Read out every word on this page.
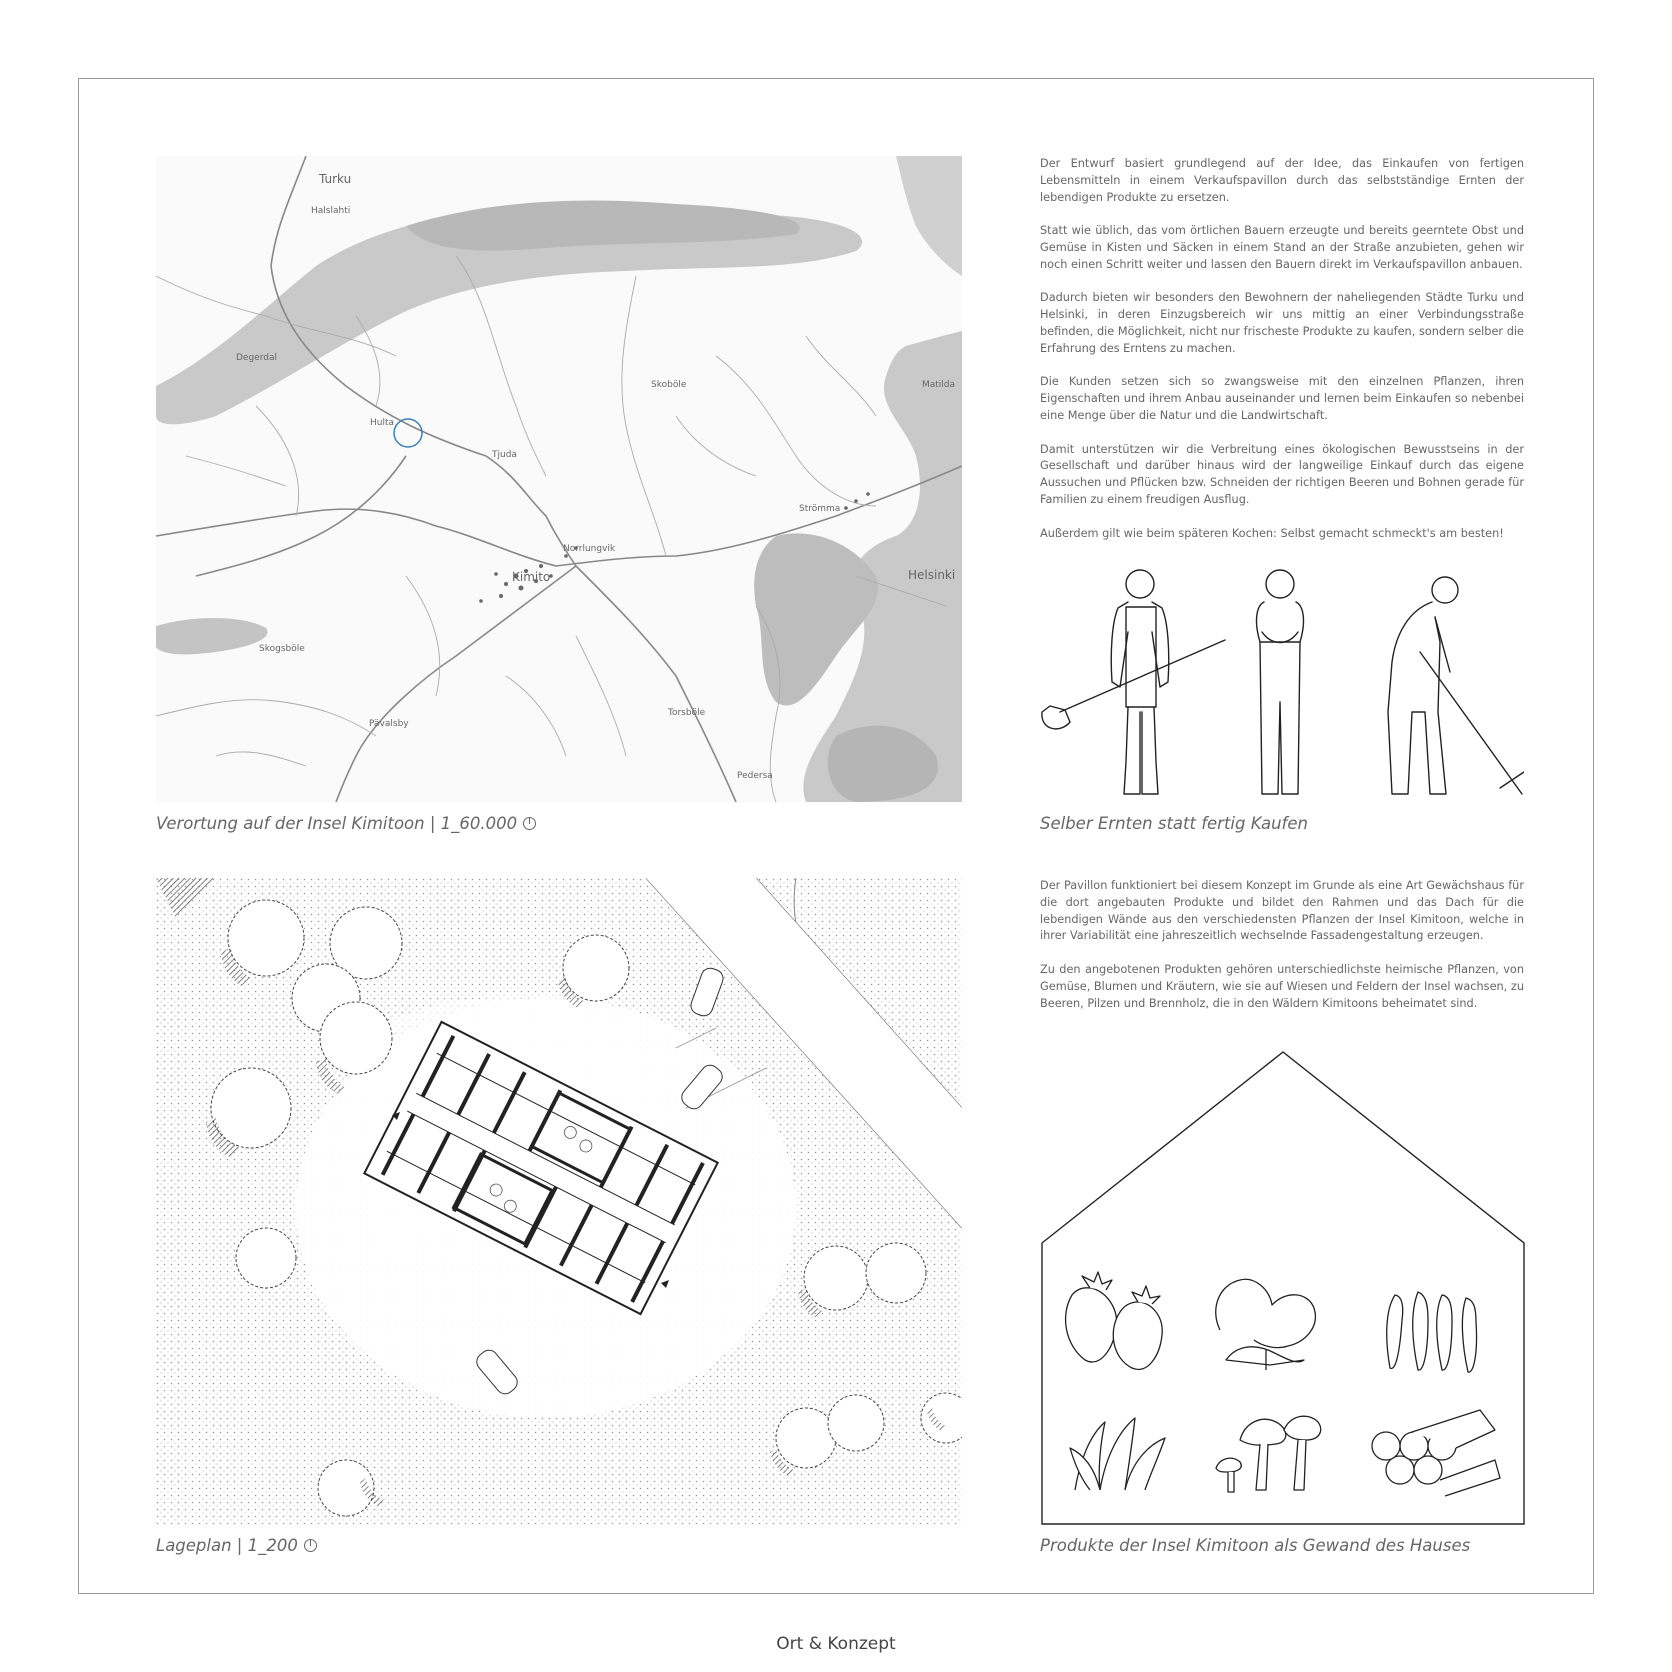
Turku
Halslahti
Degerdal
Skoböle	Matilda
Hulta
Tjuda
Strömma
Norrlungvik
Kimito	Helsinki
Skogsböle
Pävalsby
Torsböle
Pedersa
Verortung auf der Insel Kimitoon | 1_60.000
Lageplan | 1_200

Der Entwurf basiert grundlegend auf der Idee, das Einkaufen von fertigen Lebensmitteln in einem Verkaufspavillon durch das selbstständige Ernten der lebendigen Produkte zu ersetzen.

Statt wie üblich, das vom örtlichen Bauern erzeugte und bereits geerntete Obst und Gemüse in Kisten und Säcken in einem Stand an der Straße anzubieten, gehen wir noch einen Schritt weiter und lassen den Bauern direkt im Verkaufspavillon anbauen.

Dadurch bieten wir besonders den Bewohnern der naheliegenden Städte Turku und Helsinki, in deren Einzugsbereich wir uns mittig an einer Verbindungsstraße befinden, die Möglichkeit, nicht nur frischeste Produkte zu kaufen, sondern selber die Erfahrung des Erntens zu machen.

Die Kunden setzen sich so zwangsweise mit den einzelnen Pflanzen, ihren Eigenschaften und ihrem Anbau auseinander und lernen beim Einkaufen so nebenbei eine Menge über die Natur und die Landwirtschaft.

Damit unterstützen wir die Verbreitung eines ökologischen Bewusstseins in der Gesellschaft und darüber hinaus wird der langweilige Einkauf durch das eigene Aussuchen und Pflücken bzw. Schneiden der richtigen Beeren und Bohnen gerade für Familien zu einem freudigen Ausflug.

Außerdem gilt wie beim späteren Kochen: Selbst gemacht schmeckt's am besten!

Selber Ernten statt fertig Kaufen

Der Pavillon funktioniert bei diesem Konzept im Grunde als eine Art Gewächshaus für die dort angebauten Produkte und bildet den Rahmen und das Dach für die lebendigen Wände aus den verschiedensten Pflanzen der Insel Kimitoon, welche in ihrer Variabilität eine jahreszeitlich wechselnde Fassadengestaltung erzeugen.

Zu den angebotenen Produkten gehören unterschiedlichste heimische Pflanzen, von Gemüse, Blumen und Kräutern, wie sie auf Wiesen und Feldern der Insel wachsen, zu Beeren, Pilzen und Brennholz, die in den Wäldern Kimitoons beheimatet sind.

Produkte der Insel Kimitoon als Gewand des Hauses
Ort & Konzept
